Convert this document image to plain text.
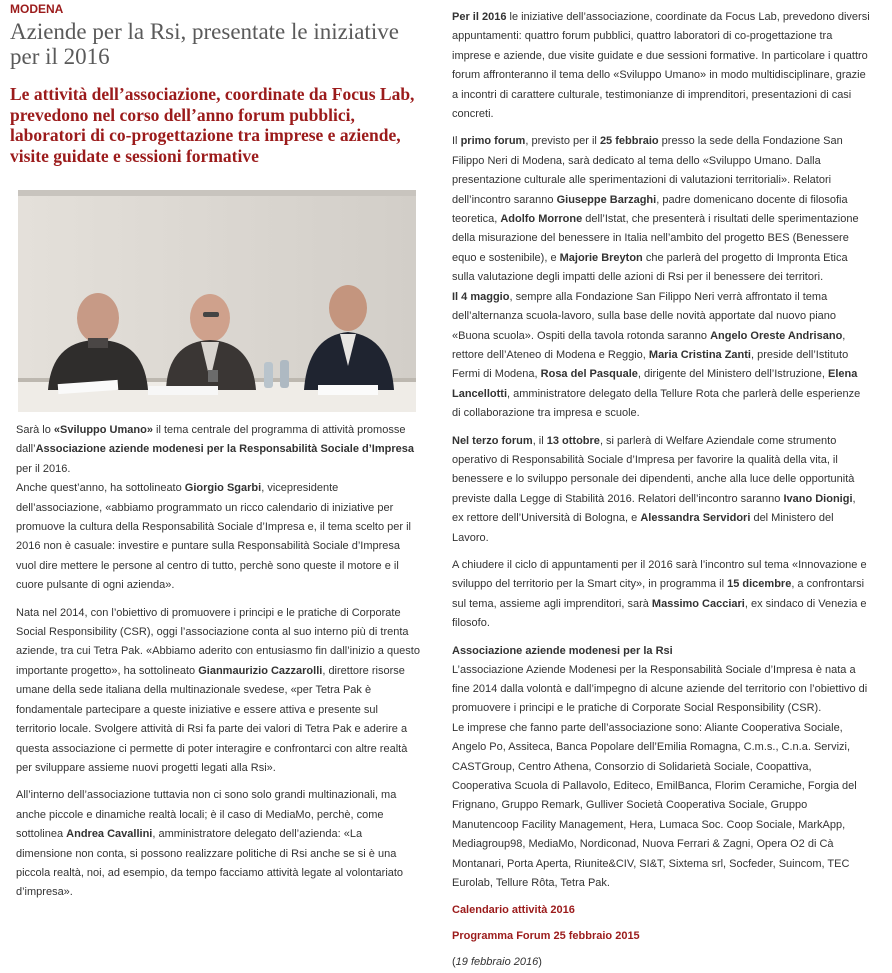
MODENA
Aziende per la Rsi, presentate le iniziative per il 2016
Le attività dell’associazione, coordinate da Focus Lab, prevedono nel corso dell’anno forum pubblici, laboratori di co-progettazione tra imprese e aziende, visite guidate e sessioni formative

Sarà lo «Sviluppo Umano» il tema centrale del programma di attività promosse dall’Associazione aziende modenesi per la Responsabilità Sociale d’Impresa per il 2016.

Anche quest’anno, ha sottolineato Giorgio Sgarbi, vicepresidente dell’associazione, «abbiamo programmato un ricco calendario di iniziative per promuove la cultura della Responsabilità Sociale d’Impresa e, il tema scelto per il 2016 non è casuale: investire e puntare sulla Responsabilità Sociale d’Impresa vuol dire mettere le persone al centro di tutto, perchè sono queste il motore e il cuore pulsante di ogni azienda».

Nata nel 2014, con l’obiettivo di promuovere i principi e le pratiche di Corporate Social Responsibility (CSR), oggi l’associazione conta al suo interno più di trenta aziende, tra cui Tetra Pak. «Abbiamo aderito con entusiasmo fin dall’inizio a questo importante progetto», ha sottolineato Gianmaurizio Cazzarolli, direttore risorse umane della sede italiana della multinazionale svedese, «per Tetra Pak è fondamentale partecipare a queste iniziative e essere attiva e presente sul territorio locale. Svolgere attività di Rsi fa parte dei valori di Tetra Pak e aderire a questa associazione ci permette di poter interagire e confrontarci con altre realtà per sviluppare assieme nuovi progetti legati alla Rsi».

All’interno dell’associazione tuttavia non ci sono solo grandi multinazionali, ma anche piccole e dinamiche realtà locali; è il caso di MediaMo, perchè, come sottolinea Andrea Cavallini, amministratore delegato dell’azienda: «La dimensione non conta, si possono realizzare politiche di Rsi anche se si è una piccola realtà, noi, ad esempio, da tempo facciamo attività legate al volontariato d’impresa».

Per il 2016 le iniziative dell’associazione, coordinate da Focus Lab, prevedono diversi appuntamenti: quattro forum pubblici, quattro laboratori di co-progettazione tra imprese e aziende, due visite guidate e due sessioni formative. In particolare i quattro forum affronteranno il tema dello «Sviluppo Umano» in modo multidisciplinare, grazie a incontri di carattere culturale, testimonianze di imprenditori, presentazioni di casi concreti.

Il primo forum, previsto per il 25 febbraio presso la sede della Fondazione San Filippo Neri di Modena, sarà dedicato al tema dello «Sviluppo Umano. Dalla presentazione culturale alle sperimentazioni di valutazioni territoriali». Relatori dell’incontro saranno Giuseppe Barzaghi, padre domenicano docente di filosofia teoretica, Adolfo Morrone dell’Istat, che presenterà i risultati delle sperimentazione della misurazione del benessere in Italia nell’ambito del progetto BES (Benessere equo e sostenibile), e Majorie Breyton che parlerà del progetto di Impronta Etica sulla valutazione degli impatti delle azioni di Rsi per il benessere dei territori.

Il 4 maggio, sempre alla Fondazione San Filippo Neri verrà affrontato il tema dell’alternanza scuola-lavoro, sulla base delle novità apportate dal nuovo piano «Buona scuola». Ospiti della tavola rotonda saranno Angelo Oreste Andrisano, rettore dell’Ateneo di Modena e Reggio, Maria Cristina Zanti, preside dell’Istituto Fermi di Modena, Rosa del Pasquale, dirigente del Ministero dell’Istruzione, Elena Lancellotti, amministratore delegato della Tellure Rota che parlerà delle esperienze di collaborazione tra impresa e scuole.

Nel terzo forum, il 13 ottobre, si parlerà di Welfare Aziendale come strumento operativo di Responsabilità Sociale d’Impresa per favorire la qualità della vita, il benessere e lo sviluppo personale dei dipendenti, anche alla luce delle opportunità previste dalla Legge di Stabilità 2016. Relatori dell’incontro saranno Ivano Dionigi, ex rettore dell’Università di Bologna, e Alessandra Servidori del Ministero del Lavoro.

A chiudere il ciclo di appuntamenti per il 2016 sarà l’incontro sul tema «Innovazione e sviluppo del territorio per la Smart city», in programma il 15 dicembre, a confrontarsi sul tema, assieme agli imprenditori, sarà Massimo Cacciari, ex sindaco di Venezia e filosofo.

Associazione aziende modenesi per la Rsi

L’associazione Aziende Modenesi per la Responsabilità Sociale d’Impresa è nata a fine 2014 dalla volontà e dall’impegno di alcune aziende del territorio con l’obiettivo di promuovere i principi e le pratiche di Corporate Social Responsibility (CSR).

Le imprese che fanno parte dell’associazione sono: Aliante Cooperativa Sociale, Angelo Po, Assiteca, Banca Popolare dell’Emilia Romagna, C.m.s., C.n.a. Servizi, CASTGroup, Centro Athena, Consorzio di Solidarietà Sociale, Coopattiva, Cooperativa Scuola di Pallavolo, Editeco, EmilBanca, Florim Ceramiche, Forgia del Frignano, Gruppo Remark, Gulliver Società Cooperativa Sociale, Gruppo Manutencoop Facility Management, Hera, Lumaca Soc. Coop Sociale, MarkApp, Mediagroup98, MediaMo, Nordiconad, Nuova Ferrari & Zagni, Opera O2 di Cà Montanari, Porta Aperta, Riunite&CIV, SI&T, Sixtema srl, Socfeder, Suincom, TEC Eurolab, Tellure Rôta, Tetra Pak.

Calendario attività 2016
Programma Forum 25 febbraio 2015

(19 febbraio 2016)
